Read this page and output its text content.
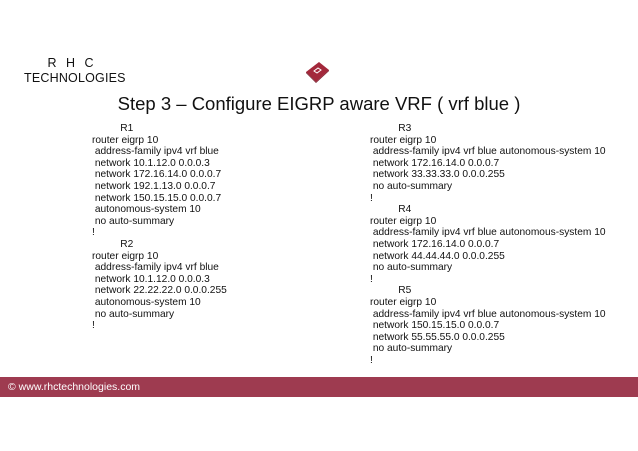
R H C
TECHNOLOGIES
Step 3 – Configure EIGRP aware VRF ( vrf blue )
R1
router eigrp 10
address-family ipv4 vrf blue
network 10.1.12.0 0.0.0.3
network 172.16.14.0 0.0.0.7
network 192.1.13.0 0.0.0.7
network 150.15.15.0 0.0.0.7
autonomous-system 10
no auto-summary
!
R2
router eigrp 10
address-family ipv4 vrf blue
network 10.1.12.0 0.0.0.3
network 22.22.22.0 0.0.0.255
autonomous-system 10
no auto-summary
!
R3
router eigrp 10
address-family ipv4 vrf blue autonomous-system 10
network 172.16.14.0 0.0.0.7
network 33.33.33.0 0.0.0.255
no auto-summary
!
R4
router eigrp 10
address-family ipv4 vrf blue autonomous-system 10
network 172.16.14.0 0.0.0.7
network 44.44.44.0 0.0.0.255
no auto-summary
!
R5
router eigrp 10
address-family ipv4 vrf blue autonomous-system 10
network 150.15.15.0 0.0.0.7
network 55.55.55.0 0.0.0.255
no auto-summary
!
© www.rhctechnologies.com
